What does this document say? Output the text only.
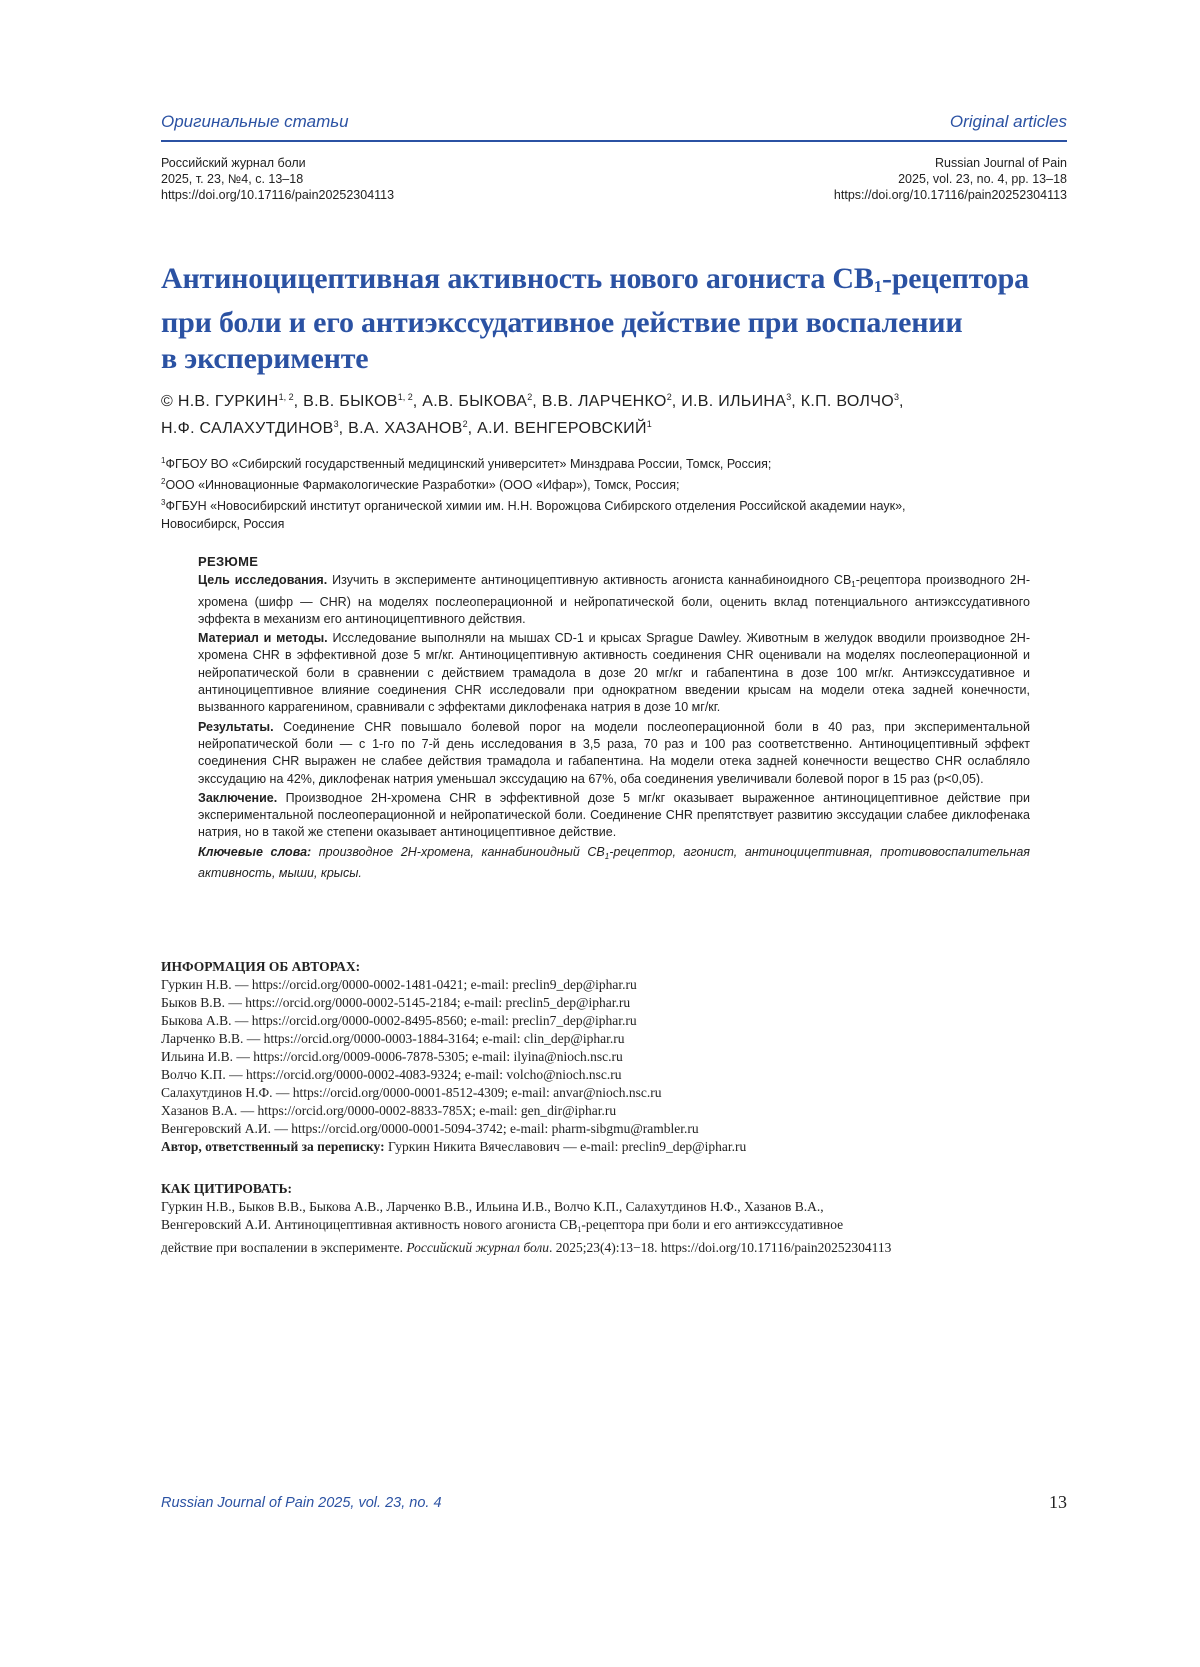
Оригинальные статьи	Original articles
Российский журнал боли
2025, т. 23, №4, с. 13–18
https://doi.org/10.17116/pain20252304113
Russian Journal of Pain
2025, vol. 23, no. 4, pp. 13–18
https://doi.org/10.17116/pain20252304113
Антиноцицептивная активность нового агониста $CB_1$-рецептора
при боли и его антиэкссудативное действие при воспалении
в эксперименте
© Н.В. ГУРКИН$^{1, 2}$, В.В. БЫКОВ$^{1, 2}$, А.В. БЫКОВА$^2$, В.В. ЛАРЧЕНКО$^2$, И.В. ИЛЬИНА$^3$, К.П. ВОЛЧО$^3$,
Н.Ф. САЛАХУТДИНОВ$^3$, В.А. ХАЗАНОВ$^2$, А.И. ВЕНГЕРОВСКИЙ$^1$
$^1$ФГБОУ ВО «Сибирский государственный медицинский университет» Минздрава России, Томск, Россия;
$^2$ООО «Инновационные Фармакологические Разработки» (ООО «Ифар»), Томск, Россия;
$^3$ФГБУН «Новосибирский институт органической химии им. Н.Н. Ворожцова Сибирского отделения Российской академии наук»,
Новосибирск, Россия
РЕЗЮМЕ

Цель исследования. Изучить в эксперименте антиноцицептивную активность агониста каннабиноидного $CB_1$-рецептора производного 2H-хромена (шифр — CHR) на моделях послеоперационной и нейропатической боли, оценить вклад потенциального антиэкссудативного эффекта в механизм его антиноцицептивного действия.

Материал и методы. Исследование выполняли на мышах CD-1 и крысах Sprague Dawley. Животным в желудок вводили производное 2H-хромена CHR в эффективной дозе 5 мг/кг. Антиноцицептивную активность соединения CHR оценивали на моделях послеоперационной и нейропатической боли в сравнении с действием трамадола в дозе 20 мг/кг и габапентина в дозе 100 мг/кг. Антиэкссудативное и антиноцицептивное влияние соединения CHR исследовали при однократном введении крысам на модели отека задней конечности, вызванного каррагенином, сравнивали с эффектами диклофенака натрия в дозе 10 мг/кг.

Результаты. Соединение CHR повышало болевой порог на модели послеоперационной боли в 40 раз, при экспериментальной нейропатической боли — с 1-го по 7-й день исследования в 3,5 раза, 70 раз и 100 раз соответственно. Антиноцицептивный эффект соединения CHR выражен не слабее действия трамадола и габапентина. На модели отека задней конечности вещество CHR ослабляло экссудацию на 42%, диклофенак натрия уменьшал экссудацию на 67%, оба соединения увеличивали болевой порог в 15 раз (p<0,05).

Заключение. Производное 2H-хромена CHR в эффективной дозе 5 мг/кг оказывает выраженное антиноцицептивное действие при экспериментальной послеоперационной и нейропатической боли. Соединение CHR препятствует развитию экссудации слабее диклофенака натрия, но в такой же степени оказывает антиноцицептивное действие.

Ключевые слова: производное 2H-хромена, каннабиноидный $CB_1$-рецептор, агонист, антиноцицептивная, противовоспалительная активность, мыши, крысы.

ИНФОРМАЦИЯ ОБ АВТОРАХ:
Гуркин Н.В. — https://orcid.org/0000-0002-1481-0421; e-mail: preclin9_dep@iphar.ru
Быков В.В. — https://orcid.org/0000-0002-5145-2184; e-mail: preclin5_dep@iphar.ru
Быкова А.В. — https://orcid.org/0000-0002-8495-8560; e-mail: preclin7_dep@iphar.ru
Ларченко В.В. — https://orcid.org/0000-0003-1884-3164; e-mail: clin_dep@iphar.ru
Ильина И.В. — https://orcid.org/0009-0006-7878-5305; e-mail: ilyina@nioch.nsc.ru
Волчо К.П. — https://orcid.org/0000-0002-4083-9324; e-mail: volcho@nioch.nsc.ru
Салахутдинов Н.Ф. — https://orcid.org/0000-0001-8512-4309; e-mail: anvar@nioch.nsc.ru
Хазанов В.А. — https://orcid.org/0000-0002-8833-785X; e-mail: gen_dir@iphar.ru
Венгеровский А.И. — https://orcid.org/0000-0001-5094-3742; e-mail: pharm-sibgmu@rambler.ru
Автор, ответственный за переписку: Гуркин Никита Вячеславович — e-mail: preclin9_dep@iphar.ru
КАК ЦИТИРОВАТЬ:
Гуркин Н.В., Быков В.В., Быкова А.В., Ларченко В.В., Ильина И.В., Волчо К.П., Салахутдинов Н.Ф., Хазанов В.А.,
Венгеровский А.И. Антиноцицептивная активность нового агониста $CB_1$-рецептора при боли и его антиэкссудативное
действие при воспалении в эксперименте. Российский журнал боли. 2025;23(4):13−18. https://doi.org/10.17116/pain20252304113
Russian Journal of Pain 2025, vol. 23, no. 4	13
